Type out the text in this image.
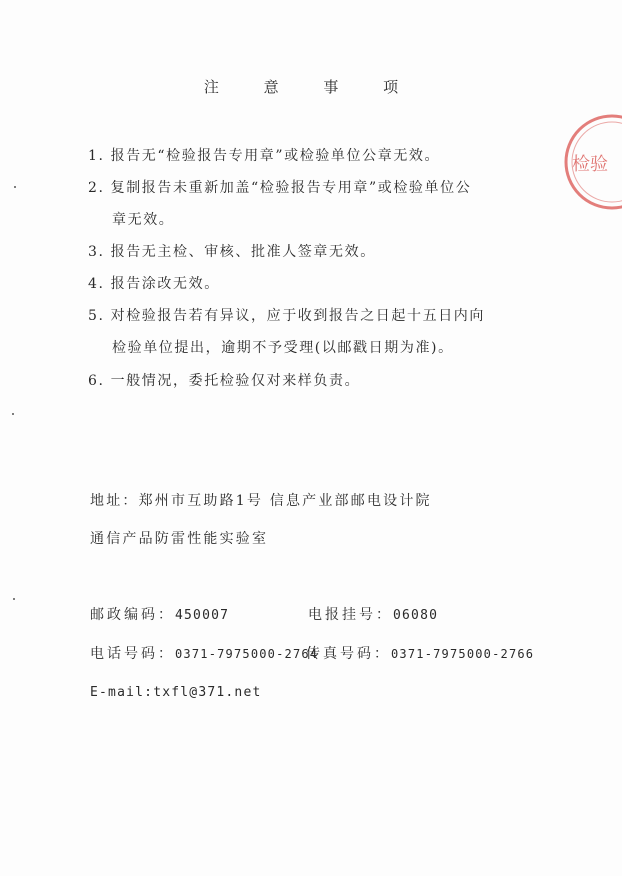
注 意 事 项
1. 报告无“检验报告专用章”或检验单位公章无效。
2. 复制报告未重新加盖“检验报告专用章”或检验单位公
章无效。
3. 报告无主检、审核、批准人签章无效。
4. 报告涂改无效。
5. 对检验报告若有异议，应于收到报告之日起十五日内向
检验单位提出，逾期不予受理(以邮戳日期为准)。
6. 一般情况，委托检验仅对来样负责。
地址：郑州市互助路1号 信息产业部邮电设计院
通信产品防雷性能实验室
邮政编码：450007	电报挂号：06080
电话号码：0371-7975000-2764
传真号码：0371-7975000-2766
E-mail:txfl@371.net
检验
